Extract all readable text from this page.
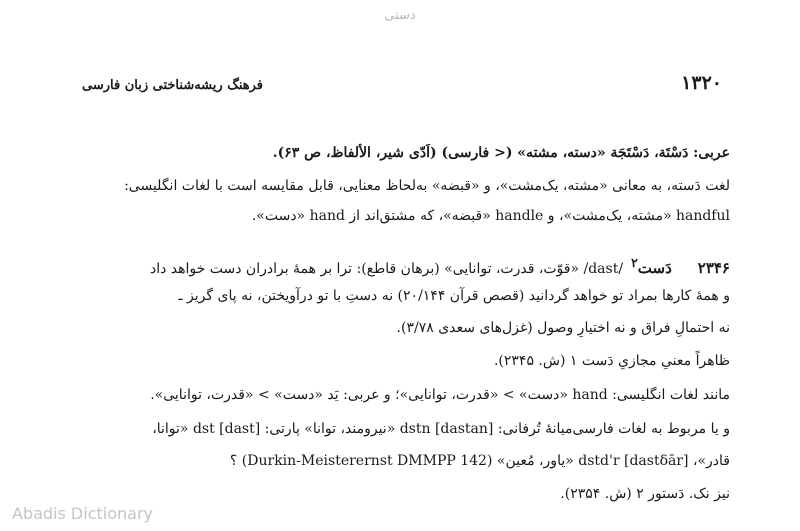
دستی
فرهنگ ریشه‌شناختی زبان فارسی	۱۳۲۰
عربی: دَسْتَة، دَسْتَجَة «دسته، مشته» (< فارسی) (اَدّی شیر، الألفاظ، ص ۶۳).
لغت دَسته، به معانی «مشته، یک‌مشت»، و «قبضه» به‌لحاظ معنایی، قابل مقایسه است با لغات انگلیسی:
handful «مشته، یک‌مشت»، و handle «قبضه»، که مشتق‌اند از hand «دست».
۲۳۴۶دَست$^۲$/dast/ «قوّت، قدرت، توانایی» (برهان قاطع): ترا بر همهٔ برادران دست خواهد داد
و همهٔ کارها بمراد تو خواهد گردانید (قصص قرآن ۲۰/۱۴۴) نه دستِ با تو درآویختن، نه پای گریز ـ
نه احتمالِ فراق و نه اختیارِ وصول (غزل‌های سعدی ۳/۷۸).
ظاهراً معنیِ مجازیِ دَست ۱ (ش. ۲۳۴۵).
مانند لغات انگلیسی: hand «دست» > «قدرت، توانایی»؛ و عربی: یَد «دست» > «قدرت، توانایی».
و یا مربوط به لغات فارسی‌میانهٔ تُرفانی: dstn [dastan] «نیرومند، توانا» پارتی: dst [dast] «توانا،
قادر»، [dastδār] dstd'r «یاور، مُعین» (Durkin-Meisterernst DMMPP 142) ؟
نیز نک. دَستور ۲ (ش. ۲۳۵۴).
Abadis Dictionary
